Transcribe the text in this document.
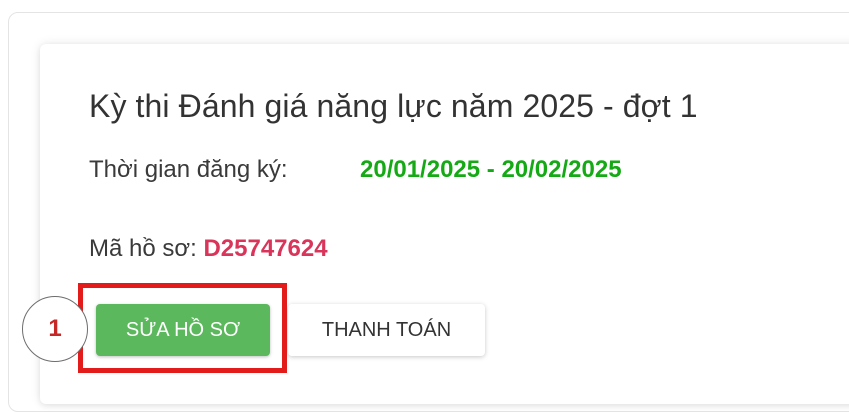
Kỳ thi Đánh giá năng lực năm 2025 - đợt 1
Thời gian đăng ký:	20/01/2025 - 20/02/2025
Mã hồ sơ: D25747624
SỬA HỒ SƠ	THANH TOÁN
1
